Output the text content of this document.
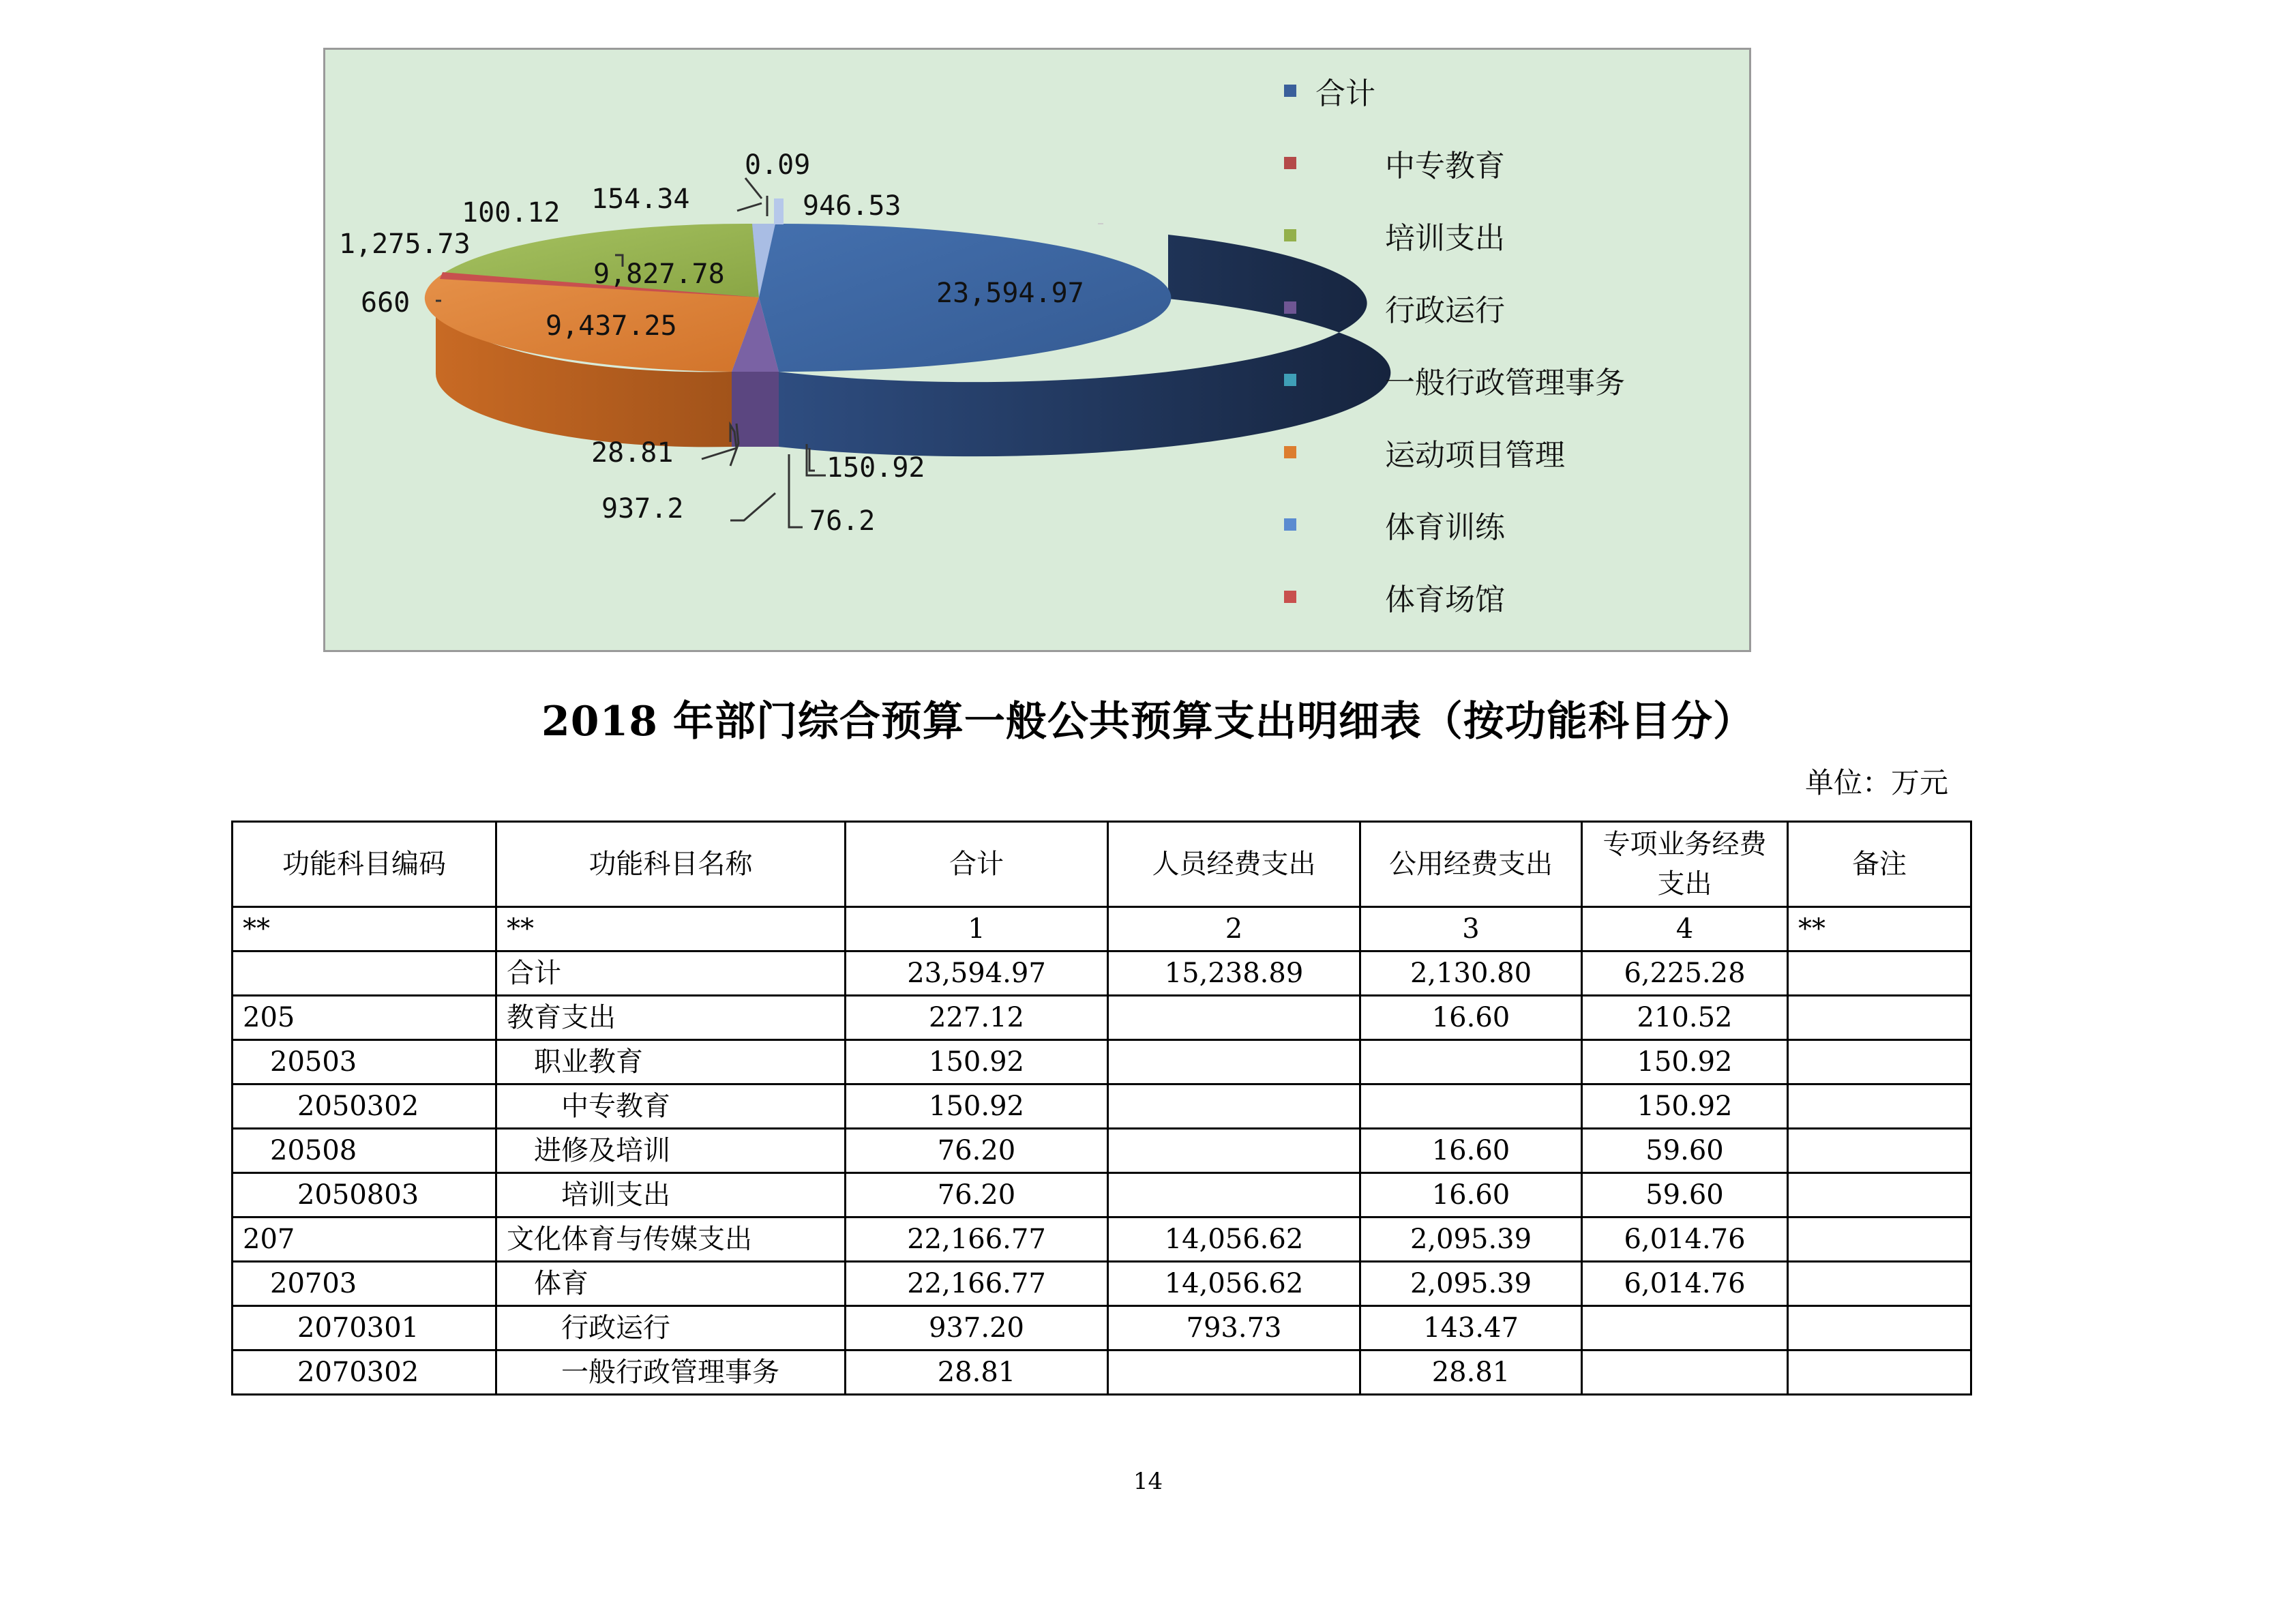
23,594.97
150.92
76.2
937.2
28.81
9,437.25
660
1,275.73
100.12 154.34
9,827.78
0.09
946.53
合计
中专教育
培训支出
行政运行
一般行政管理事务
运动项目管理
体育训练
体育场馆
2018 年部门综合预算一般公共预算支出明细表（按功能科目分）
单位：万元
功能科目编码	功能科目名称	合计	人员经费支出	公用经费支出	专项业务经费支出	备注
**	**	1	2	3	4	**
	合计	23,594.97	15,238.89	2,130.80	6,225.28	
205	教育支出	227.12		16.60	210.52	
20503	职业教育	150.92			150.92	
2050302	中专教育	150.92			150.92	
20508	进修及培训	76.20		16.60	59.60	
2050803	培训支出	76.20		16.60	59.60	
207	文化体育与传媒支出	22,166.77	14,056.62	2,095.39	6,014.76	
20703	体育	22,166.77	14,056.62	2,095.39	6,014.76	
2070301	行政运行	937.20	793.73	143.47		
2070302	一般行政管理事务	28.81		28.81		
14
